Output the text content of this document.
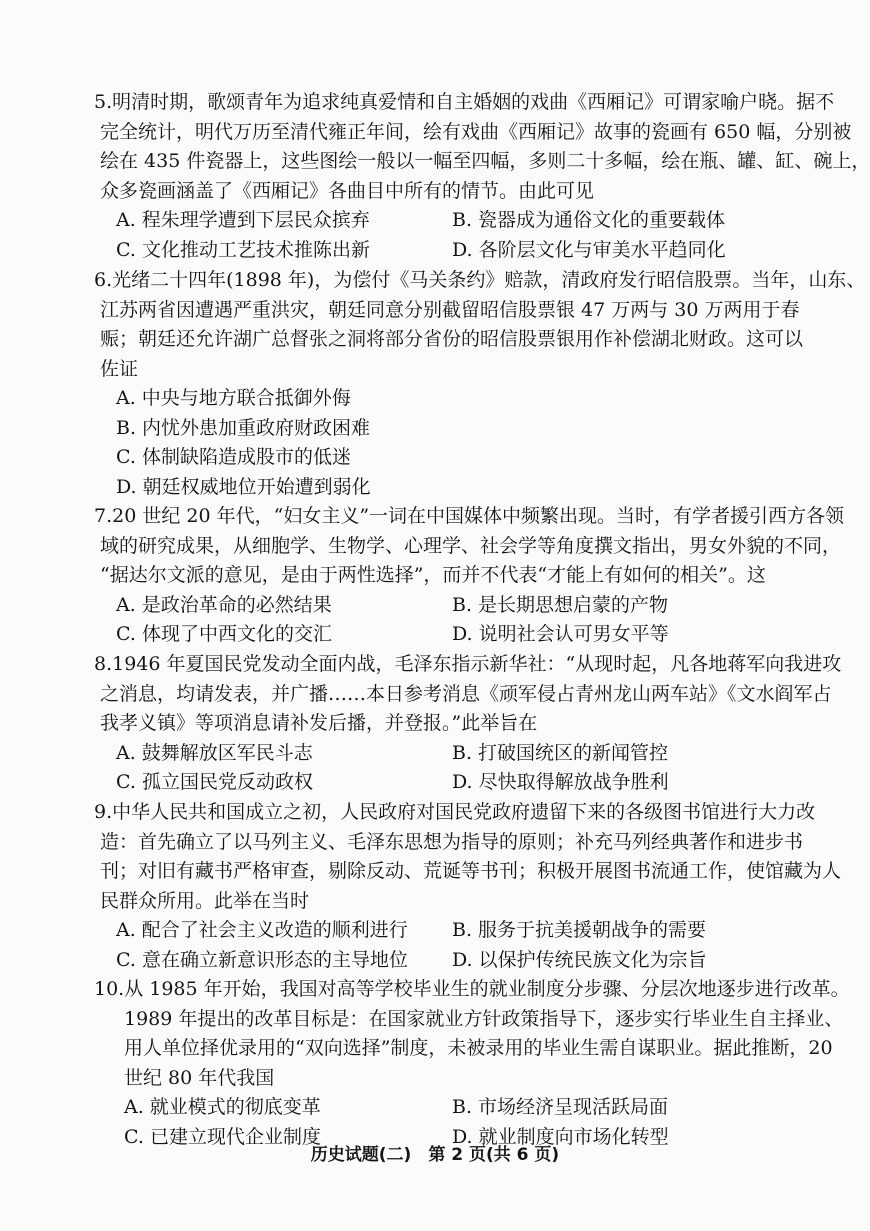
5.明清时期，歌颂青年为追求纯真爱情和自主婚姻的戏曲《西厢记》可谓家喻户晓。据不
完全统计，明代万历至清代雍正年间，绘有戏曲《西厢记》故事的瓷画有 650 幅，分别被
绘在 435 件瓷器上，这些图绘一般以一幅至四幅，多则二十多幅，绘在瓶、罐、缸、碗上，
众多瓷画涵盖了《西厢记》各曲目中所有的情节。由此可见
A. 程朱理学遭到下层民众摈弃	B. 瓷器成为通俗文化的重要载体
C. 文化推动工艺技术推陈出新	D. 各阶层文化与审美水平趋同化
6.光绪二十四年(1898 年)，为偿付《马关条约》赔款，清政府发行昭信股票。当年，山东、
江苏两省因遭遇严重洪灾，朝廷同意分别截留昭信股票银 47 万两与 30 万两用于春
赈；朝廷还允许湖广总督张之洞将部分省份的昭信股票银用作补偿湖北财政。这可以
佐证
A. 中央与地方联合抵御外侮
B. 内忧外患加重政府财政困难
C. 体制缺陷造成股市的低迷
D. 朝廷权威地位开始遭到弱化
7.20 世纪 20 年代，“妇女主义”一词在中国媒体中频繁出现。当时，有学者援引西方各领
域的研究成果，从细胞学、生物学、心理学、社会学等角度撰文指出，男女外貌的不同，
“据达尔文派的意见，是由于两性选择”，而并不代表“才能上有如何的相关”。这
A. 是政治革命的必然结果	B. 是长期思想启蒙的产物
C. 体现了中西文化的交汇	D. 说明社会认可男女平等
8.1946 年夏国民党发动全面内战，毛泽东指示新华社：“从现时起，凡各地蒋军向我进攻
之消息，均请发表，并广播……本日参考消息《顽军侵占青州龙山两车站》《文水阎军占
我孝义镇》等项消息请补发后播，并登报。”此举旨在
A. 鼓舞解放区军民斗志	B. 打破国统区的新闻管控
C. 孤立国民党反动政权	D. 尽快取得解放战争胜利
9.中华人民共和国成立之初，人民政府对国民党政府遗留下来的各级图书馆进行大力改
造：首先确立了以马列主义、毛泽东思想为指导的原则；补充马列经典著作和进步书
刊；对旧有藏书严格审查，剔除反动、荒诞等书刊；积极开展图书流通工作，使馆藏为人
民群众所用。此举在当时
A. 配合了社会主义改造的顺利进行 B. 服务于抗美援朝战争的需要
C. 意在确立新意识形态的主导地位 D. 以保护传统民族文化为宗旨
10.从 1985 年开始，我国对高等学校毕业生的就业制度分步骤、分层次地逐步进行改革。
1989 年提出的改革目标是：在国家就业方针政策指导下，逐步实行毕业生自主择业、
用人单位择优录用的“双向选择”制度，未被录用的毕业生需自谋职业。据此推断，20
世纪 80 年代我国
A. 就业模式的彻底变革	B. 市场经济呈现活跃局面
C. 已建立现代企业制度	D. 就业制度向市场化转型
历史试题(二)　第 2 页(共 6 页)
